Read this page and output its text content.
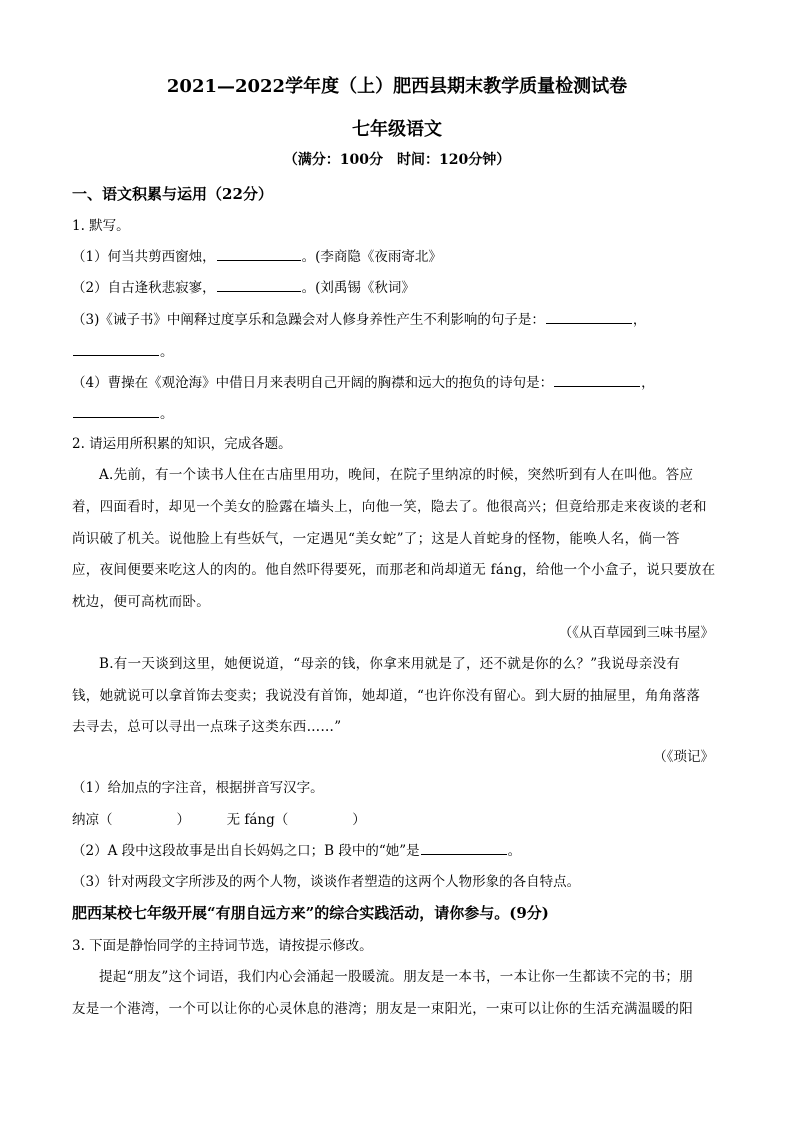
2021—2022学年度（上）肥西县期末教学质量检测试卷
七年级语文
（满分：100分　时间：120分钟）
一、语文积累与运用（22分）
1. 默写。
（1）何当共剪西窗烛，	。(李商隐《夜雨寄北》
（2）自古逢秋悲寂寥，	。(刘禹锡《秋词》
（3)《诫子书》中阐释过度享乐和急躁会对人修身养性产生不利影响的句子是：	，
。
（4）曹操在《观沧海》中借日月来表明自己开阔的胸襟和远大的抱负的诗句是：	，
。
2. 请运用所积累的知识，完成各题。
A.先前，有一个读书人住在古庙里用功，晚间，在院子里纳凉的时候，突然听到有人在叫他。答应
着，四面看时，却见一个美女的脸露在墙头上，向他一笑，隐去了。他很高兴；但竟给那走来夜谈的老和
尚识破了机关。说他脸上有些妖气，一定遇见“美女蛇”了；这是人首蛇身的怪物，能唤人名，倘一答
应，夜间便要来吃这人的肉的。他自然吓得要死，而那老和尚却道无 fáng，给他一个小盒子，说只要放在
枕边，便可高枕而卧。
（《从百草园到三味书屋》
B.有一天谈到这里，她便说道，“母亲的钱，你拿来用就是了，还不就是你的么？”我说母亲没有
钱，她就说可以拿首饰去变卖；我说没有首饰，她却道，“也许你没有留心。到大厨的抽屉里，角角落落
去寻去，总可以寻出一点珠子这类东西……”
（《琐记》
（1）给加点的字注音，根据拼音写汉字。
纳凉（	）	无 fáng（	）
（2）A 段中这段故事是出自长妈妈之口；B 段中的“她”是	。
（3）针对两段文字所涉及的两个人物，谈谈作者塑造的这两个人物形象的各自特点。
肥西某校七年级开展“有朋自远方来”的综合实践活动，请你参与。(9分)
3. 下面是静怡同学的主持词节选，请按提示修改。
提起“朋友”这个词语，我们内心会涌起一股暖流。朋友是一本书，一本让你一生都读不完的书；朋
友是一个港湾，一个可以让你的心灵休息的港湾；朋友是一束阳光，一束可以让你的生活充满温暖的阳
